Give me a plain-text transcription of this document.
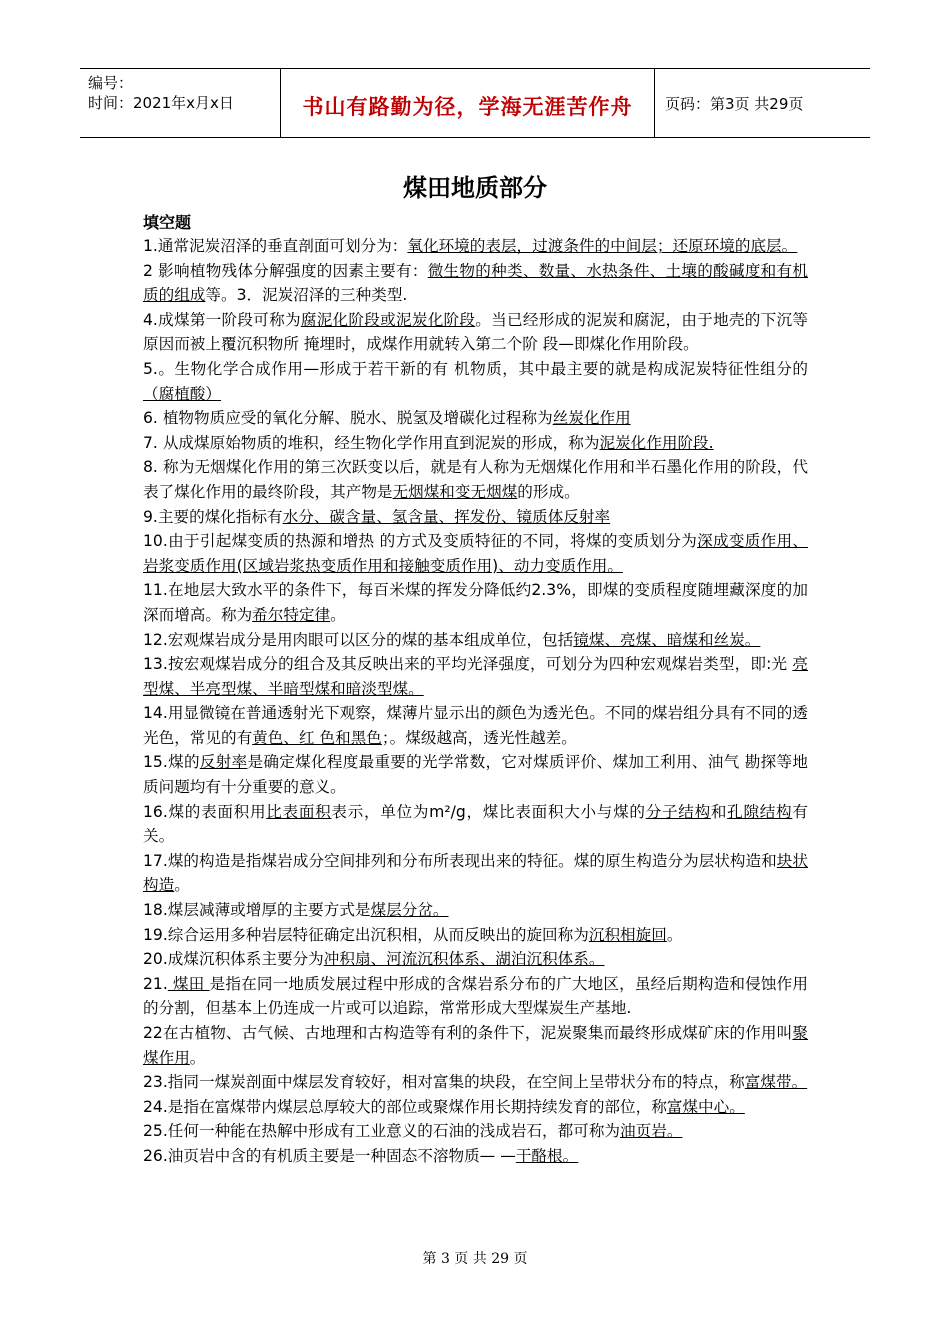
编号：
时间：2021年x月x日	书山有路勤为径，学海无涯苦作舟	页码：第3页 共29页
煤田地质部分
填空题

1.通常泥炭沼泽的垂直剖面可划分为：氧化环境的表层，过渡条件的中间层；还原环境的底层。

2 影响植物残体分解强度的因素主要有：微生物的种类、数量、水热条件、土壤的酸碱度和有机质的组成等。3．泥炭沼泽的三种类型.

4.成煤第一阶段可称为腐泥化阶段或泥炭化阶段。当已经形成的泥炭和腐泥，由于地壳的下沉等原因而被上覆沉积物所 掩埋时，成煤作用就转入第二个阶 段—即煤化作用阶段。

5.。生物化学合成作用—形成于若干新的有 机物质，其中最主要的就是构成泥炭特征性组分的（腐植酸）

6. 植物物质应受的氧化分解、脱水、脱氢及增碳化过程称为丝炭化作用

7. 从成煤原始物质的堆积，经生物化学作用直到泥炭的形成，称为泥炭化作用阶段.

8. 称为无烟煤化作用的第三次跃变以后，就是有人称为无烟煤化作用和半石墨化作用的阶段，代表了煤化作用的最终阶段，其产物是无烟煤和变无烟煤的形成。

9.主要的煤化指标有水分、碳含量、氢含量、挥发份、镜质体反射率

10.由于引起煤变质的热源和增热 的方式及变质特征的不同，将煤的变质划分为深成变质作用、岩浆变质作用(区域岩浆热变质作用和接触变质作用)、动力变质作用。

11.在地层大致水平的条件下，每百米煤的挥发分降低约2.3%，即煤的变质程度随埋藏深度的加深而增高。称为希尔特定律。

12.宏观煤岩成分是用肉眼可以区分的煤的基本组成单位，包括镜煤、亮煤、暗煤和丝炭。

13.按宏观煤岩成分的组合及其反映出来的平均光泽强度，可划分为四种宏观煤岩类型，即:光 亮型煤、半亮型煤、半暗型煤和暗淡型煤。

14.用显微镜在普通透射光下观察，煤薄片显示出的颜色为透光色。不同的煤岩组分具有不同的透光色，常见的有黄色、红 色和黑色；。煤级越高，透光性越差。

15.煤的反射率是确定煤化程度最重要的光学常数，它对煤质评价、煤加工利用、油气 勘探等地质问题均有十分重要的意义。

16.煤的表面积用比表面积表示，单位为m²/g，煤比表面积大小与煤的分子结构和孔隙结构有关。

17.煤的构造是指煤岩成分空间排列和分布所表现出来的特征。煤的原生构造分为层状构造和块状构造。

18.煤层减薄或增厚的主要方式是煤层分岔。

19.综合运用多种岩层特征确定出沉积相，从而反映出的旋回称为沉积相旋回。

20.成煤沉积体系主要分为冲积扇、河流沉积体系、湖泊沉积体系。

21. 煤田 是指在同一地质发展过程中形成的含煤岩系分布的广大地区，虽经后期构造和侵蚀作用的分割，但基本上仍连成一片或可以追踪，常常形成大型煤炭生产基地.

22在古植物、古气候、古地理和古构造等有利的条件下，泥炭聚集而最终形成煤矿床的作用叫聚煤作用。

23.指同一煤炭剖面中煤层发育较好，相对富集的块段，在空间上呈带状分布的特点，称富煤带。

24.是指在富煤带内煤层总厚较大的部位或聚煤作用长期持续发育的部位，称富煤中心。

25.任何一种能在热解中形成有工业意义的石油的浅成岩石，都可称为油页岩。

26.油页岩中含的有机质主要是一种固态不溶物质— —干酪根。

第 3 页 共 29 页
